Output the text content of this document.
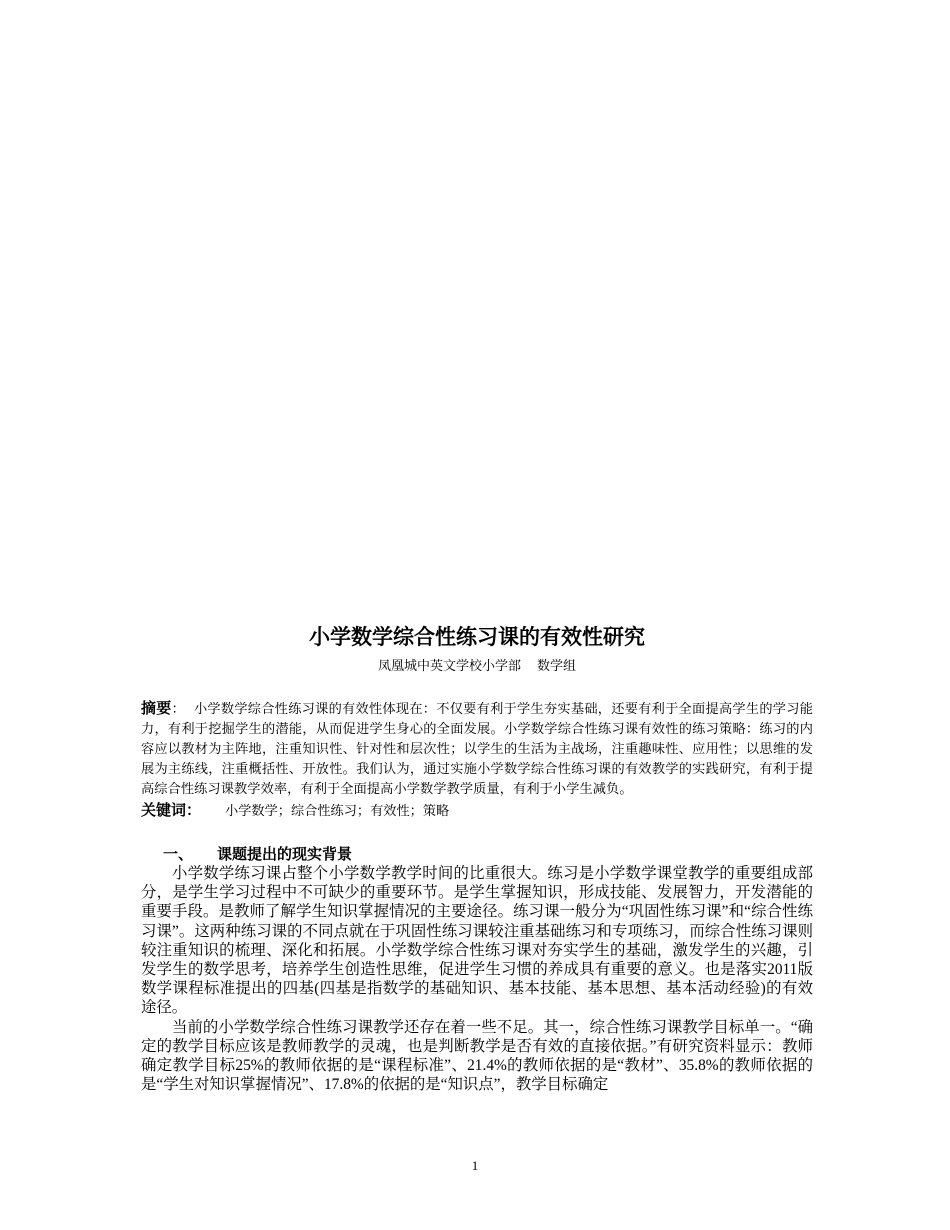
小学数学综合性练习课的有效性研究
凤凰城中英文学校小学部 数学组
摘要： 小学数学综合性练习课的有效性体现在：不仅要有利于学生夯实基础，还要有利于全面提高学生的学习能力，有利于挖掘学生的潜能，从而促进学生身心的全面发展。小学数学综合性练习课有效性的练习策略：练习的内容应以教材为主阵地，注重知识性、针对性和层次性；以学生的生活为主战场，注重趣味性、应用性；以思维的发展为主练线，注重概括性、开放性。我们认为，通过实施小学数学综合性练习课的有效教学的实践研究，有利于提高综合性练习课教学效率，有利于全面提高小学数学教学质量，有利于小学生减负。
关键词： 小学数学；综合性练习；有效性；策略
一、 课题提出的现实背景

小学数学练习课占整个小学数学教学时间的比重很大。练习是小学数学课堂教学的重要组成部分，是学生学习过程中不可缺少的重要环节。是学生掌握知识，形成技能、发展智力，开发潜能的重要手段。是教师了解学生知识掌握情况的主要途径。练习课一般分为“巩固性练习课”和“综合性练习课”。这两种练习课的不同点就在于巩固性练习课较注重基础练习和专项练习，而综合性练习课则较注重知识的梳理、深化和拓展。小学数学综合性练习课对夯实学生的基础，激发学生的兴趣，引发学生的数学思考，培养学生创造性思维，促进学生习惯的养成具有重要的意义。也是落实2011版数学课程标准提出的四基(四基是指数学的基础知识、基本技能、基本思想、基本活动经验)的有效途径。

当前的小学数学综合性练习课教学还存在着一些不足。其一，综合性练习课教学目标单一。“确定的教学目标应该是教师教学的灵魂，也是判断教学是否有效的直接依据。”有研究资料显示：教师确定教学目标25%的教师依据的是“课程标准”、21.4%的教师依据的是“教材”、35.8%的教师依据的是“学生对知识掌握情况”、17.8%的依据的是“知识点”，教学目标确定

1
